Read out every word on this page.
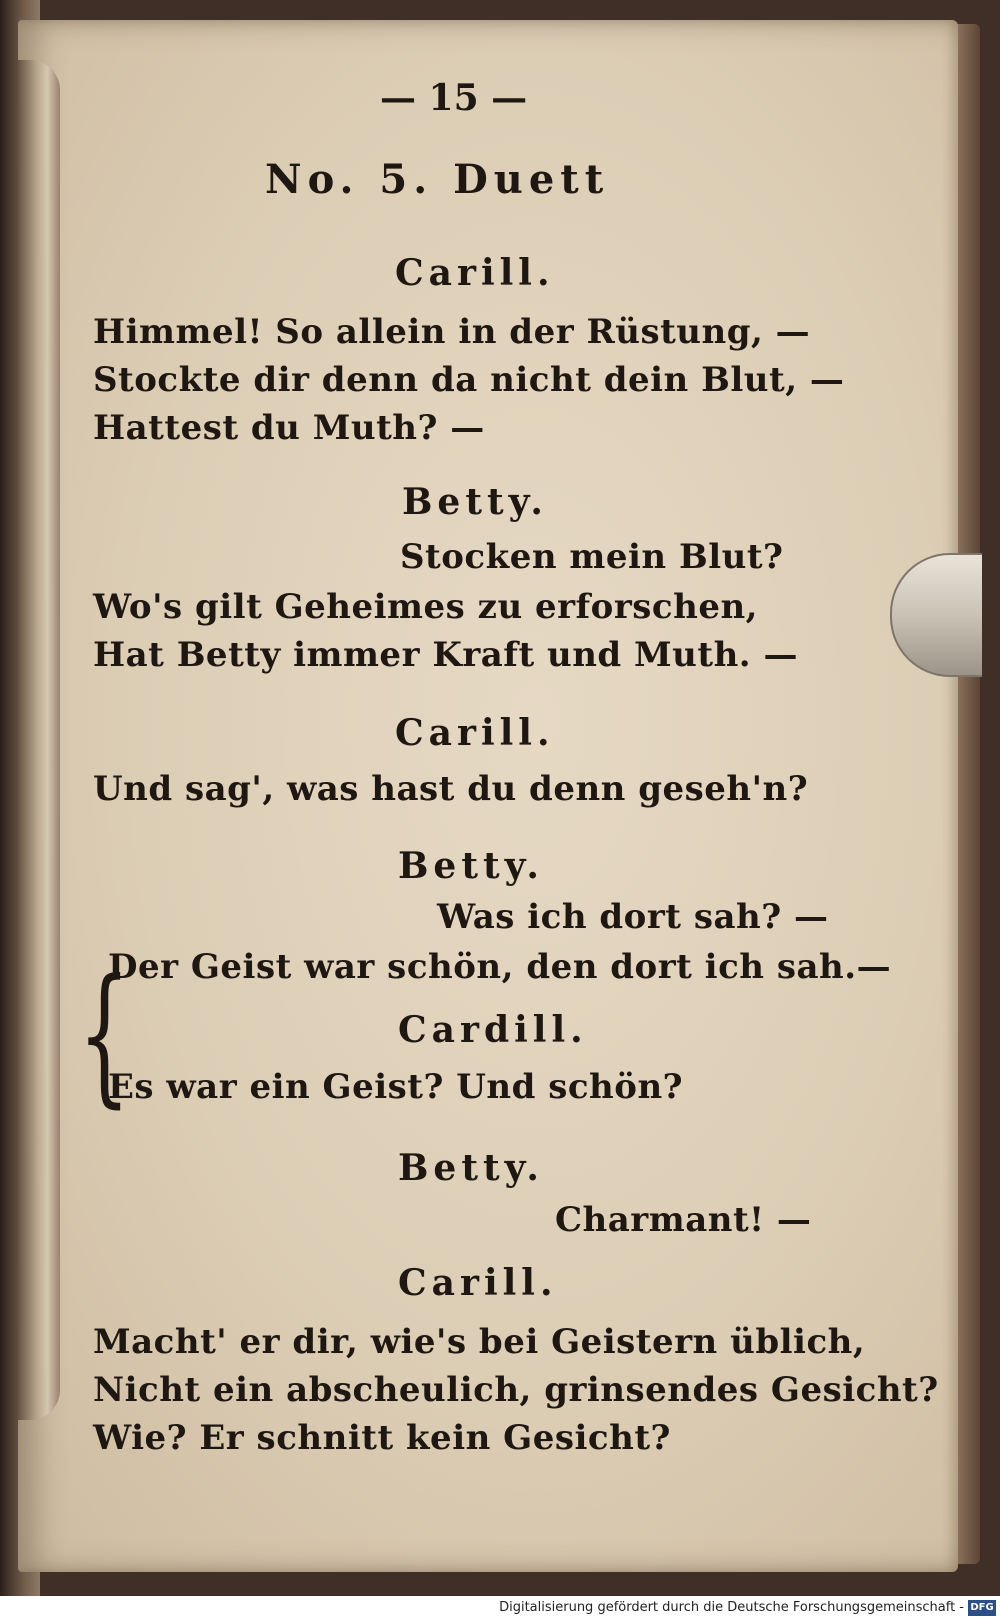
— 15 —
No. 5. Duett
Carill.
Himmel! So allein in der Rüstung, —
Stockte dir denn da nicht dein Blut, —
Hattest du Muth? —
Betty.
Stocken mein Blut?
Wo's gilt Geheimes zu erforschen,
Hat Betty immer Kraft und Muth. —
Carill.
Und sag', was hast du denn geseh'n?
Betty.
Was ich dort sah? —
{
Der Geist war schön, den dort ich sah.—
Cardill.
Es war ein Geist? Und schön?
Betty.
Charmant! —
Carill.
Macht' er dir, wie's bei Geistern üblich,
Nicht ein abscheulich, grinsendes Gesicht?
Wie? Er schnitt kein Gesicht?
Digitalisierung gefördert durch die Deutsche Forschungsgemeinschaft - DFG
